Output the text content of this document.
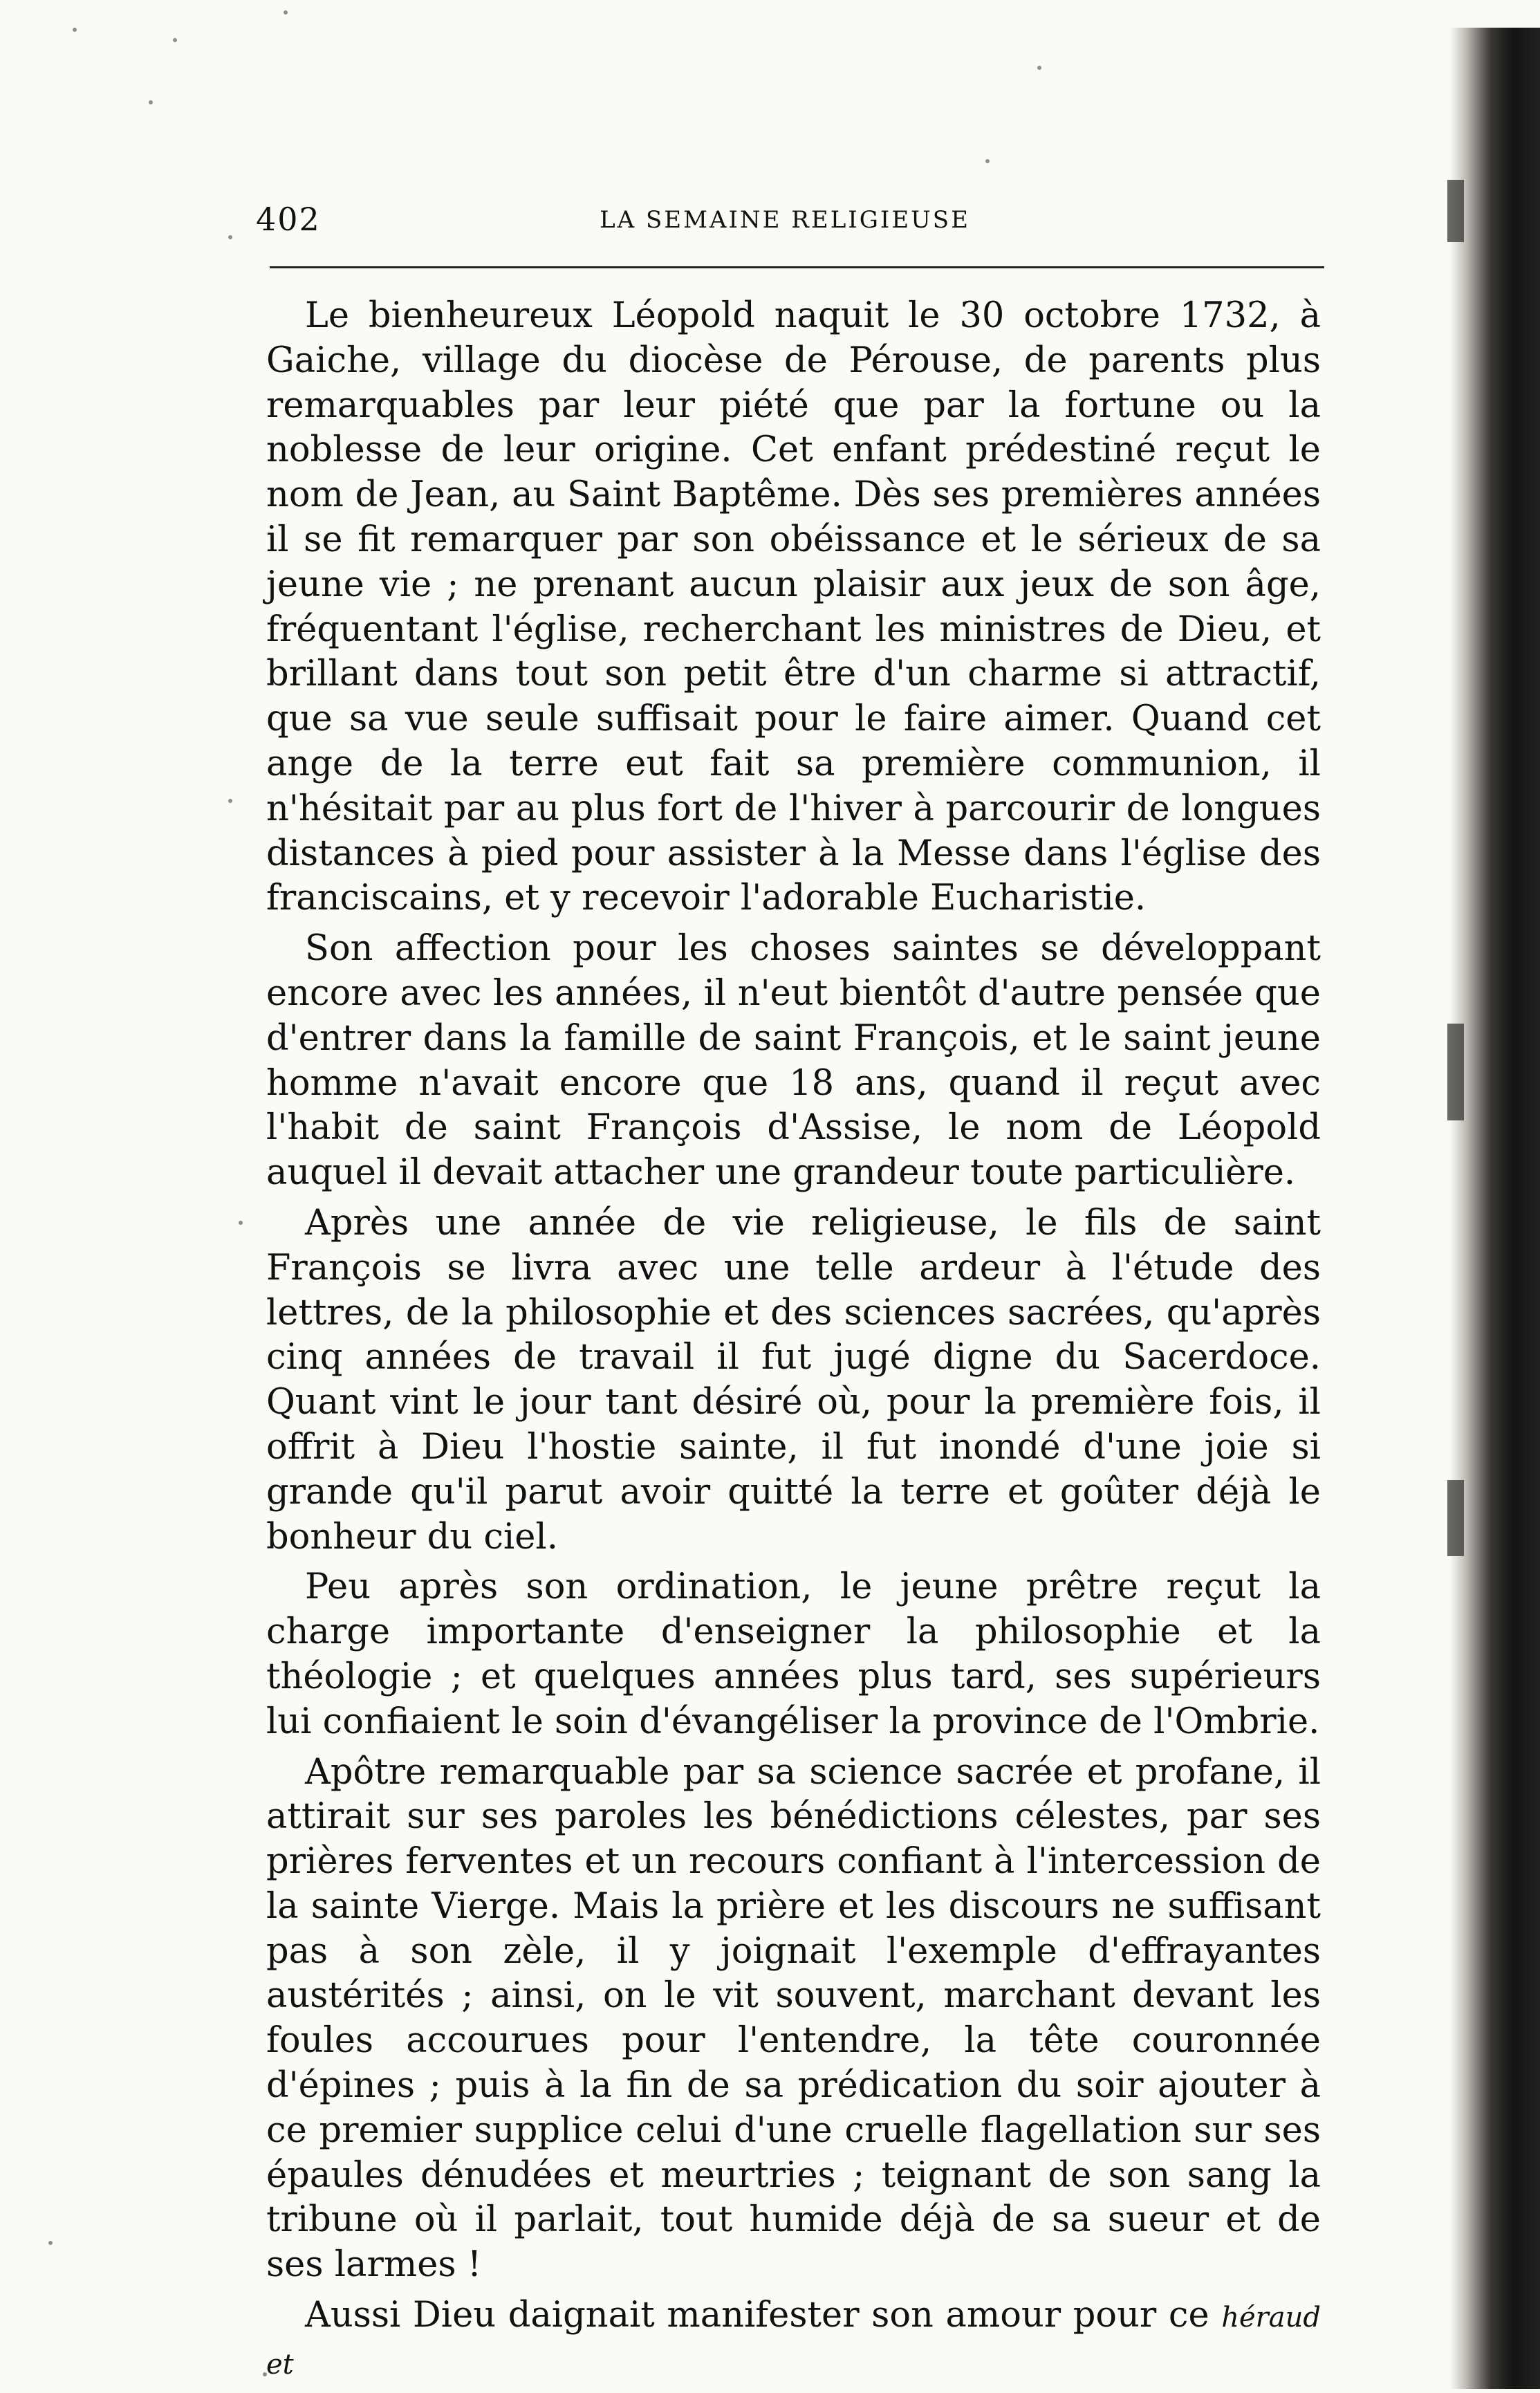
402	LA SEMAINE RELIGIEUSE

Le bienheureux Léopold naquit le 30 octobre 1732, à Gaiche, village du diocèse de Pérouse, de parents plus remarquables par leur piété que par la fortune ou la noblesse de leur origine. Cet enfant prédestiné reçut le nom de Jean, au Saint Baptême. Dès ses premières années il se fit remarquer par son obéissance et le sérieux de sa jeune vie ; ne prenant aucun plaisir aux jeux de son âge, fréquentant l'église, recherchant les ministres de Dieu, et brillant dans tout son petit être d'un charme si attractif, que sa vue seule suffisait pour le faire aimer. Quand cet ange de la terre eut fait sa première communion, il n'hésitait par au plus fort de l'hiver à parcourir de longues distances à pied pour assister à la Messe dans l'église des franciscains, et y recevoir l'adorable Eucharistie.

Son affection pour les choses saintes se développant encore avec les années, il n'eut bientôt d'autre pensée que d'entrer dans la famille de saint François, et le saint jeune homme n'avait encore que 18 ans, quand il reçut avec l'habit de saint François d'Assise, le nom de Léopold auquel il devait attacher une grandeur toute particulière.

Après une année de vie religieuse, le fils de saint François se livra avec une telle ardeur à l'étude des lettres, de la philosophie et des sciences sacrées, qu'après cinq années de travail il fut jugé digne du Sacerdoce. Quant vint le jour tant désiré où, pour la première fois, il offrit à Dieu l'hostie sainte, il fut inondé d'une joie si grande qu'il parut avoir quitté la terre et goûter déjà le bonheur du ciel.

Peu après son ordination, le jeune prêtre reçut la charge importante d'enseigner la philosophie et la théologie ; et quelques années plus tard, ses supérieurs lui confiaient le soin d'évangéliser la province de l'Ombrie.

Apôtre remarquable par sa science sacrée et profane, il attirait sur ses paroles les bénédictions célestes, par ses prières ferventes et un recours confiant à l'intercession de la sainte Vierge. Mais la prière et les discours ne suffisant pas à son zèle, il y joignait l'exemple d'effrayantes austérités ; ainsi, on le vit souvent, marchant devant les foules accourues pour l'entendre, la tête couronnée d'épines ; puis à la fin de sa prédication du soir ajouter à ce premier supplice celui d'une cruelle flagellation sur ses épaules dénudées et meurtries ; teignant de son sang la tribune où il parlait, tout humide déjà de sa sueur et de ses larmes !

Aussi Dieu daignait manifester son amour pour ce héraud et
